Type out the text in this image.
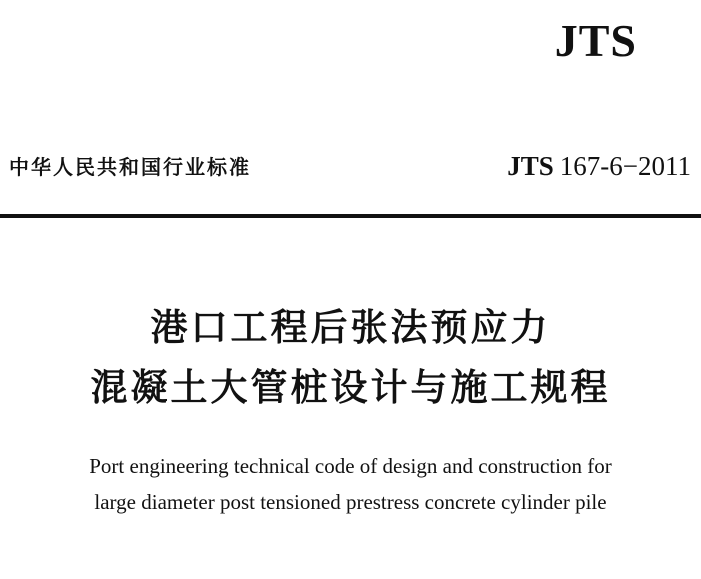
JTS
中华人民共和国行业标准	JTS 167-6−2011
港口工程后张法预应力
混凝土大管桩设计与施工规程
Port engineering technical code of design and construction for
large diameter post tensioned prestress concrete cylinder pile
